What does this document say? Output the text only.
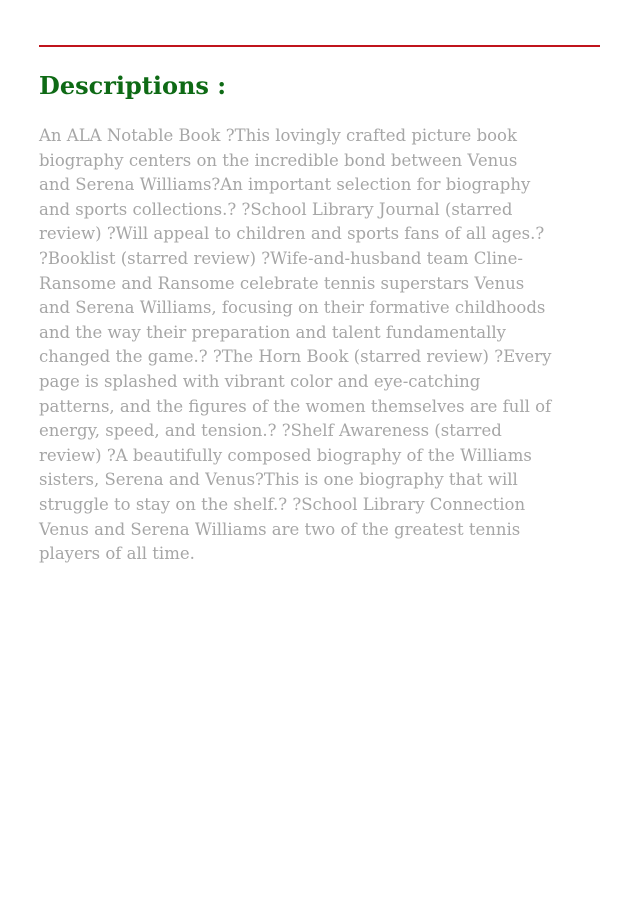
Descriptions :
An ALA Notable Book ?This lovingly crafted picture book
biography centers on the incredible bond between Venus
and Serena Williams?An important selection for biography
and sports collections.? ?School Library Journal (starred
review) ?Will appeal to children and sports fans of all ages.?
?Booklist (starred review) ?Wife-and-husband team Cline-
Ransome and Ransome celebrate tennis superstars Venus
and Serena Williams, focusing on their formative childhoods
and the way their preparation and talent fundamentally
changed the game.? ?The Horn Book (starred review) ?Every
page is splashed with vibrant color and eye-catching
patterns, and the figures of the women themselves are full of
energy, speed, and tension.? ?Shelf Awareness (starred
review) ?A beautifully composed biography of the Williams
sisters, Serena and Venus?This is one biography that will
struggle to stay on the shelf.? ?School Library Connection
Venus and Serena Williams are two of the greatest tennis
players of all time.
